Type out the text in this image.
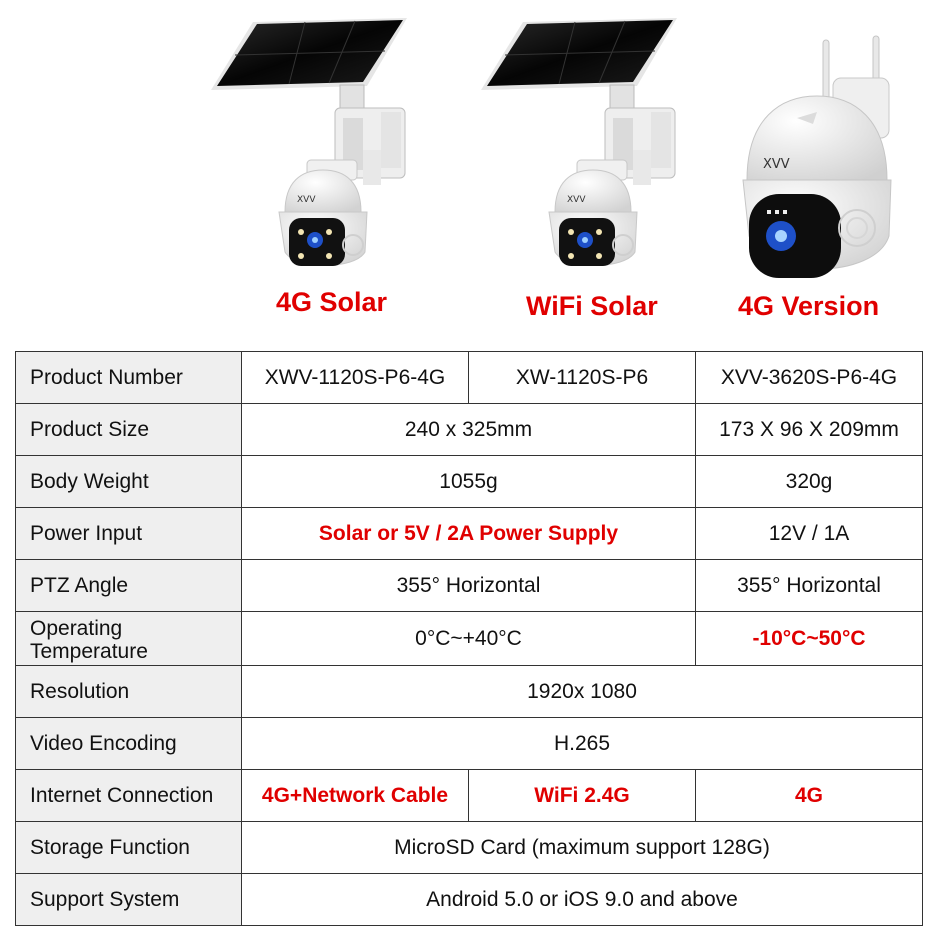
XVV
4G Solar
XVV
WiFi Solar
XVV
4G Version
Product Number	XWV-1120S-P6-4G	XW-1120S-P6	XVV-3620S-P6-4G
Product Size	240 x 325mm		173 X 96 X 209mm
Body Weight	1055g		320g
Power Input	Solar or 5V / 2A Power Supply		12V / 1A
PTZ Angle	355° Horizontal		355° Horizontal
Operating
Temperature	0°C~+40°C		-10°C~50°C
Resolution	1920x 1080		
Video Encoding	H.265		
Internet Connection	4G+Network Cable	WiFi 2.4G	4G
Storage Function	MicroSD Card (maximum support 128G)		
Support System	Android 5.0 or iOS 9.0 and above		
